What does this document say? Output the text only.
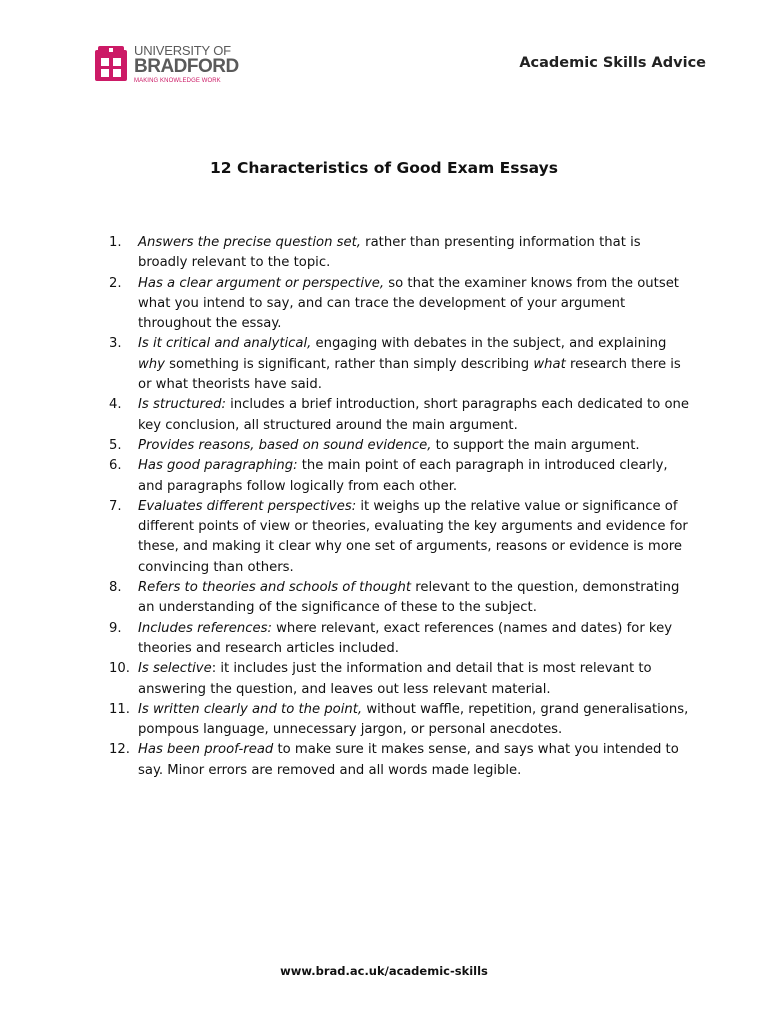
UNIVERSITY OF
BRADFORD
MAKING KNOWLEDGE WORK
Academic Skills Advice
12 Characteristics of Good Exam Essays
1.	Answers the precise question set, rather than presenting information that is broadly relevant to the topic.
2.	Has a clear argument or perspective, so that the examiner knows from the outset what you intend to say, and can trace the development of your argument throughout the essay.
3.	Is it critical and analytical, engaging with debates in the subject, and explaining why something is significant, rather than simply describing what research there is or what theorists have said.
4.	Is structured: includes a brief introduction, short paragraphs each dedicated to one key conclusion, all structured around the main argument.
5.	Provides reasons, based on sound evidence, to support the main argument.
6.	Has good paragraphing: the main point of each paragraph in introduced clearly, and paragraphs follow logically from each other.
7.	Evaluates different perspectives: it weighs up the relative value or significance of different points of view or theories, evaluating the key arguments and evidence for these, and making it clear why one set of arguments, reasons or evidence is more convincing than others.
8.	Refers to theories and schools of thought relevant to the question, demonstrating an understanding of the significance of these to the subject.
9.	Includes references: where relevant, exact references (names and dates) for key theories and research articles included.
10. Is selective: it includes just the information and detail that is most relevant to answering the question, and leaves out less relevant material.
11. Is written clearly and to the point, without waffle, repetition, grand generalisations, pompous language, unnecessary jargon, or personal anecdotes.
12. Has been proof-read to make sure it makes sense, and says what you intended to say. Minor errors are removed and all words made legible.
www.brad.ac.uk/academic-skills
